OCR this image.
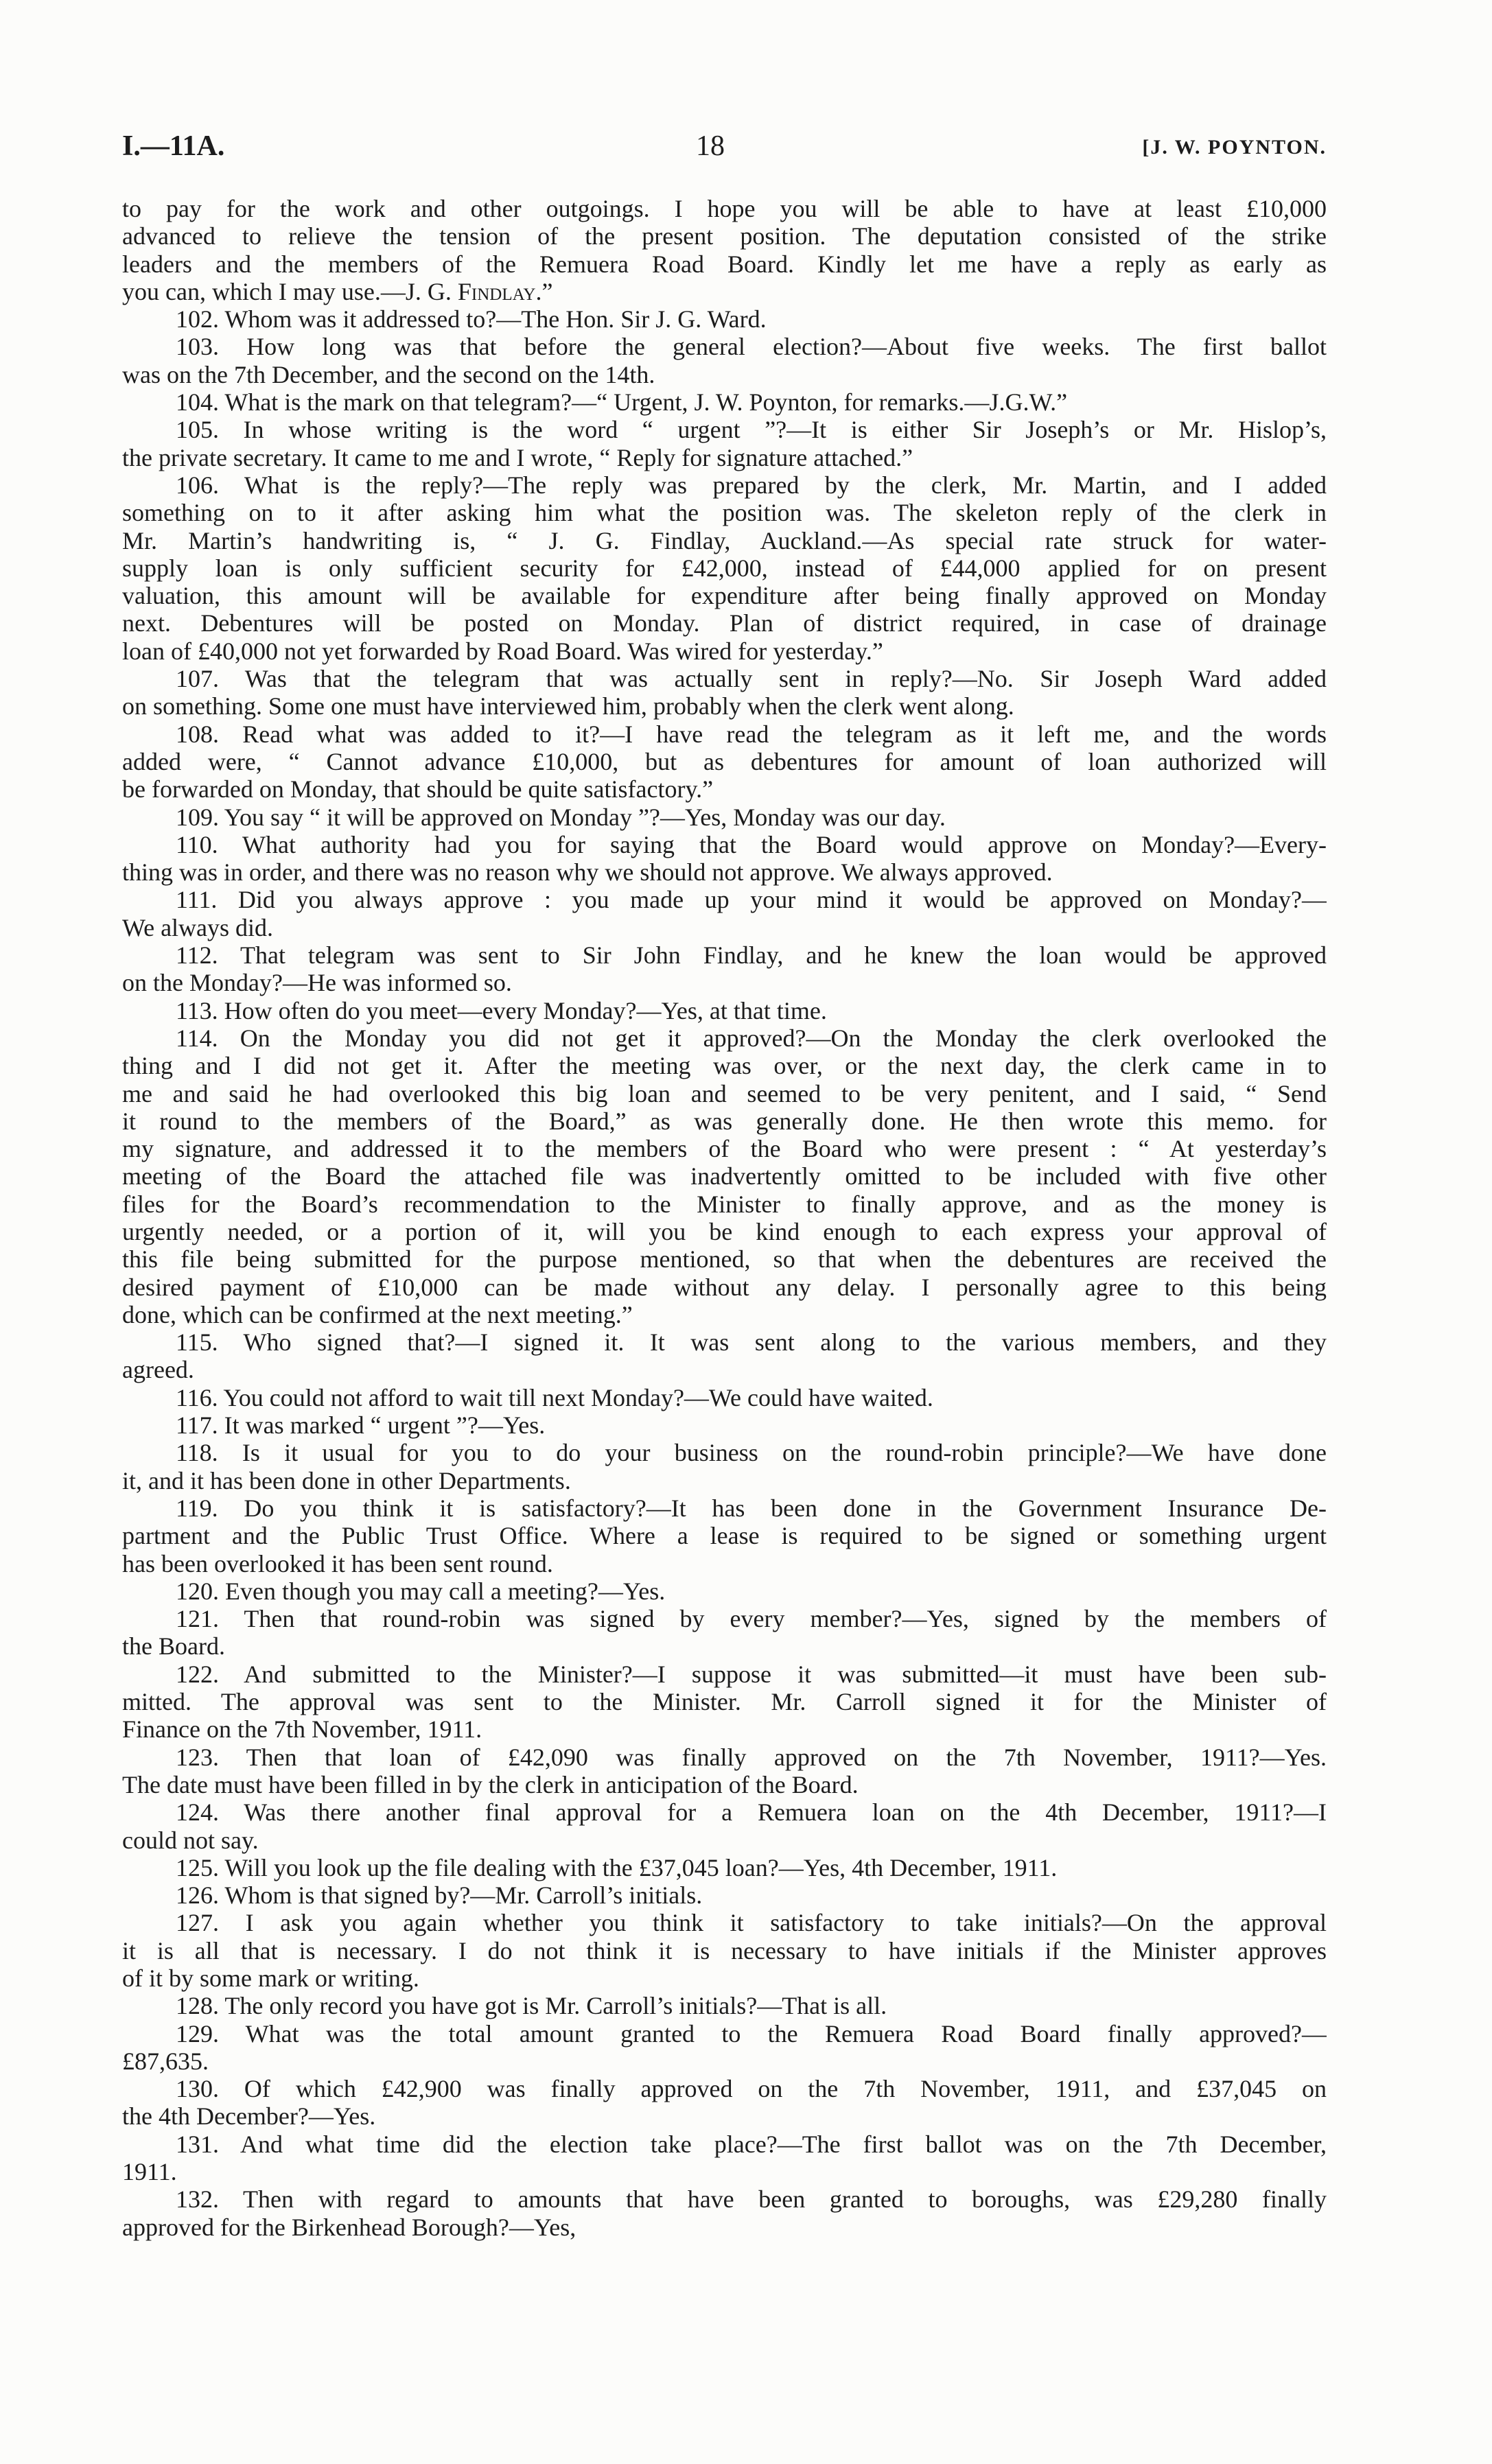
I.—11A.	18	[J. W. POYNTON.
to pay for the work and other outgoings. I hope you will be able to have at least £10,000
advanced to relieve the tension of the present position. The deputation consisted of the strike
leaders and the members of the Remuera Road Board. Kindly let me have a reply as early as
you can, which I may use.—J. G. Findlay.”
102. Whom was it addressed to?—The Hon. Sir J. G. Ward.
103. How long was that before the general election?—About five weeks. The first ballot
was on the 7th December, and the second on the 14th.
104. What is the mark on that telegram?—“ Urgent, J. W. Poynton, for remarks.—J.G.W.”
105. In whose writing is the word “ urgent ”?—It is either Sir Joseph’s or Mr. Hislop’s,
the private secretary. It came to me and I wrote, “ Reply for signature attached.”
106. What is the reply?—The reply was prepared by the clerk, Mr. Martin, and I added
something on to it after asking him what the position was. The skeleton reply of the clerk in
Mr. Martin’s handwriting is, “ J. G. Findlay, Auckland.—As special rate struck for water-
supply loan is only sufficient security for £42,000, instead of £44,000 applied for on present
valuation, this amount will be available for expenditure after being finally approved on Monday
next. Debentures will be posted on Monday. Plan of district required, in case of drainage
loan of £40,000 not yet forwarded by Road Board. Was wired for yesterday.”
107. Was that the telegram that was actually sent in reply?—No. Sir Joseph Ward added
on something. Some one must have interviewed him, probably when the clerk went along.
108. Read what was added to it?—I have read the telegram as it left me, and the words
added were, “ Cannot advance £10,000, but as debentures for amount of loan authorized will
be forwarded on Monday, that should be quite satisfactory.”
109. You say “ it will be approved on Monday ”?—Yes, Monday was our day.
110. What authority had you for saying that the Board would approve on Monday?—Every-
thing was in order, and there was no reason why we should not approve. We always approved.
111. Did you always approve : you made up your mind it would be approved on Monday?—
We always did.
112. That telegram was sent to Sir John Findlay, and he knew the loan would be approved
on the Monday?—He was informed so.
113. How often do you meet—every Monday?—Yes, at that time.
114. On the Monday you did not get it approved?—On the Monday the clerk overlooked the
thing and I did not get it. After the meeting was over, or the next day, the clerk came in to
me and said he had overlooked this big loan and seemed to be very penitent, and I said, “ Send
it round to the members of the Board,” as was generally done. He then wrote this memo. for
my signature, and addressed it to the members of the Board who were present : “ At yesterday’s
meeting of the Board the attached file was inadvertently omitted to be included with five other
files for the Board’s recommendation to the Minister to finally approve, and as the money is
urgently needed, or a portion of it, will you be kind enough to each express your approval of
this file being submitted for the purpose mentioned, so that when the debentures are received the
desired payment of £10,000 can be made without any delay. I personally agree to this being
done, which can be confirmed at the next meeting.”
115. Who signed that?—I signed it. It was sent along to the various members, and they
agreed.
116. You could not afford to wait till next Monday?—We could have waited.
117. It was marked “ urgent ”?—Yes.
118. Is it usual for you to do your business on the round-robin principle?—We have done
it, and it has been done in other Departments.
119. Do you think it is satisfactory?—It has been done in the Government Insurance De-
partment and the Public Trust Office. Where a lease is required to be signed or something urgent
has been overlooked it has been sent round.
120. Even though you may call a meeting?—Yes.
121. Then that round-robin was signed by every member?—Yes, signed by the members of
the Board.
122. And submitted to the Minister?—I suppose it was submitted—it must have been sub-
mitted. The approval was sent to the Minister. Mr. Carroll signed it for the Minister of
Finance on the 7th November, 1911.
123. Then that loan of £42,090 was finally approved on the 7th November, 1911?—Yes.
The date must have been filled in by the clerk in anticipation of the Board.
124. Was there another final approval for a Remuera loan on the 4th December, 1911?—I
could not say.
125. Will you look up the file dealing with the £37,045 loan?—Yes, 4th December, 1911.
126. Whom is that signed by?—Mr. Carroll’s initials.
127. I ask you again whether you think it satisfactory to take initials?—On the approval
it is all that is necessary. I do not think it is necessary to have initials if the Minister approves
of it by some mark or writing.
128. The only record you have got is Mr. Carroll’s initials?—That is all.
129. What was the total amount granted to the Remuera Road Board finally approved?—
£87,635.
130. Of which £42,900 was finally approved on the 7th November, 1911, and £37,045 on
the 4th December?—Yes.
131. And what time did the election take place?—The first ballot was on the 7th December,
1911.
132. Then with regard to amounts that have been granted to boroughs, was £29,280 finally
approved for the Birkenhead Borough?—Yes,
